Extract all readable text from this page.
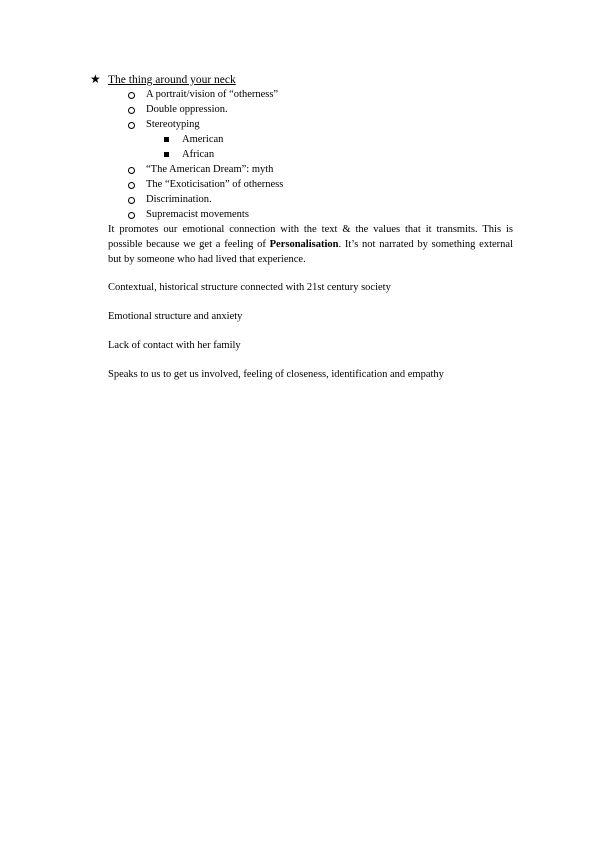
★ The thing around your neck
A portrait/vision of “otherness”
Double oppression.
Stereotyping
American
African
“The American Dream”: myth
The “Exoticisation” of otherness
Discrimination.
Supremacist movements
It promotes our emotional connection with the text & the values that it transmits. This is possible because we get a feeling of Personalisation. It’s not narrated by something external but by someone who had lived that experience.
Contextual, historical structure connected with 21st century society
Emotional structure and anxiety
Lack of contact with her family
Speaks to us to get us involved, feeling of closeness, identification and empathy
